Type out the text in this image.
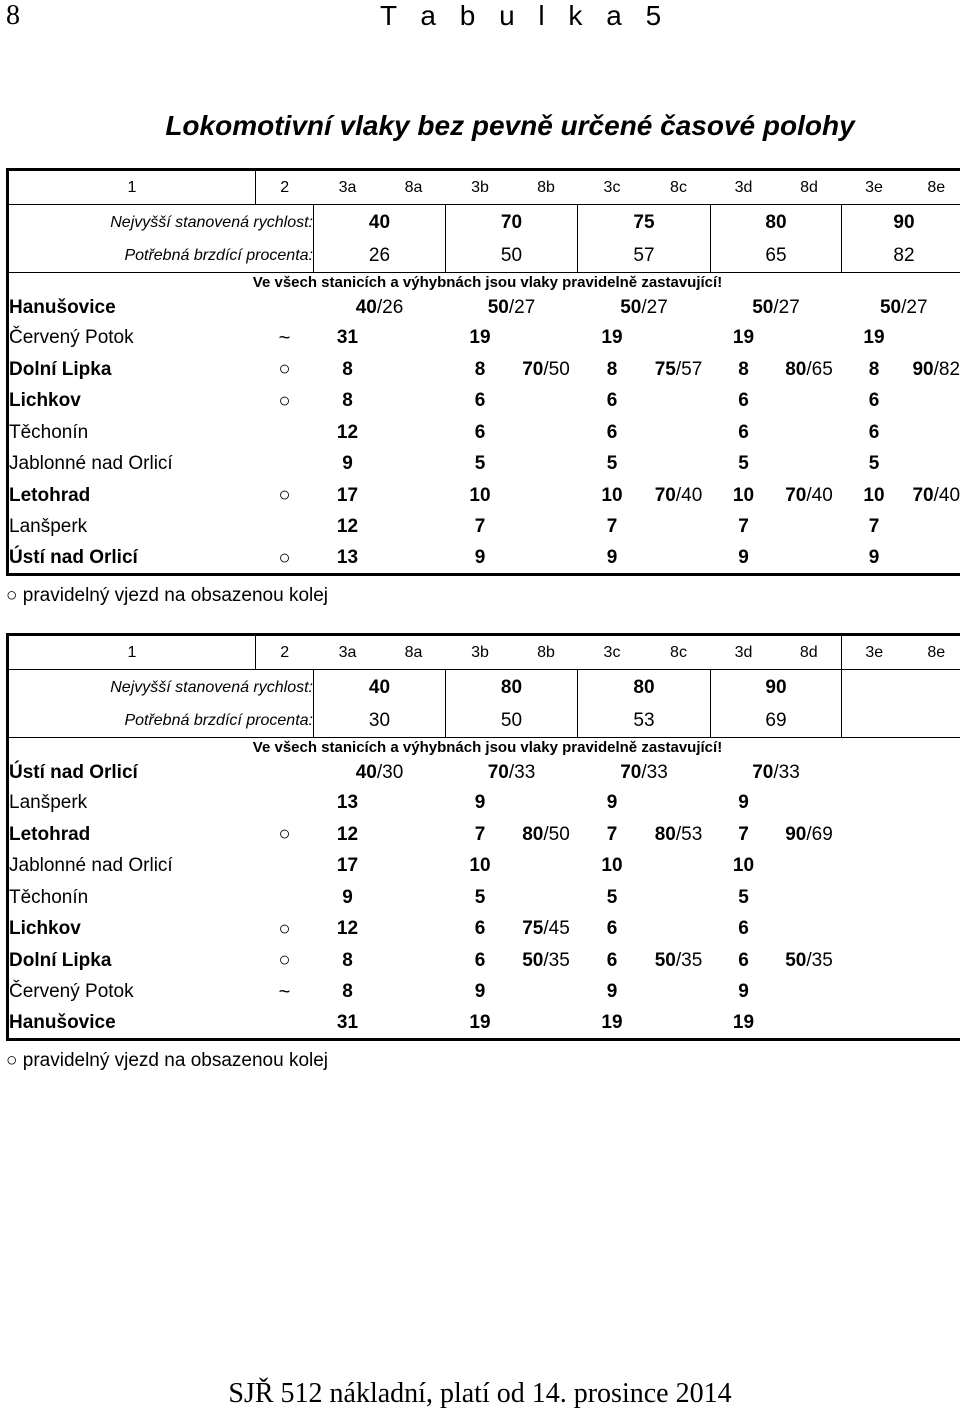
8	T a b u l k a 5
Lokomotivní vlaky bez pevně určené časové polohy
1	2	3a	8a	3b	8b	3c	8c	3d	8d	3e	8e
Nejvyšší stanovená rychlost:		40		70		75		80		90	
Potřebná brzdící procenta:		26		50		57		65		82	
Ve všech stanicích a výhybnách jsou vlaky pravidelně zastavující!											
Hanušovice		40/26		50/27		50/27		50/27		50/27	
Červený Potok	~	31		19		19		19		19	
Dolní Lipka	○	8		8	70/50	8	75/57	8	80/65	8	90/82
Lichkov	○	8		6		6		6		6	
Těchonín		12		6		6		6		6	
Jablonné nad Orlicí		9		5		5		5		5	
Letohrad	○	17		10		10	70/40	10	70/40	10	70/40
Lanšperk		12		7		7		7		7	
Ústí nad Orlicí	○	13		9		9		9		9	
○ pravidelný vjezd na obsazenou kolej
1	2	3a	8a	3b	8b	3c	8c	3d	8d	3e	8e
Nejvyšší stanovená rychlost:		40		80		80		90			
Potřebná brzdící procenta:		30		50		53		69			
Ve všech stanicích a výhybnách jsou vlaky pravidelně zastavující!											
Ústí nad Orlicí		40/30		70/33		70/33		70/33			
Lanšperk		13		9		9		9			
Letohrad	○	12		7	80/50	7	80/53	7	90/69		
Jablonné nad Orlicí		17		10		10		10			
Těchonín		9		5		5		5			
Lichkov	○	12		6	75/45	6		6			
Dolní Lipka	○	8		6	50/35	6	50/35	6	50/35		
Červený Potok	~	8		9		9		9			
Hanušovice		31		19		19		19			
○ pravidelný vjezd na obsazenou kolej
SJŘ 512 nákladní, platí od 14. prosince 2014
